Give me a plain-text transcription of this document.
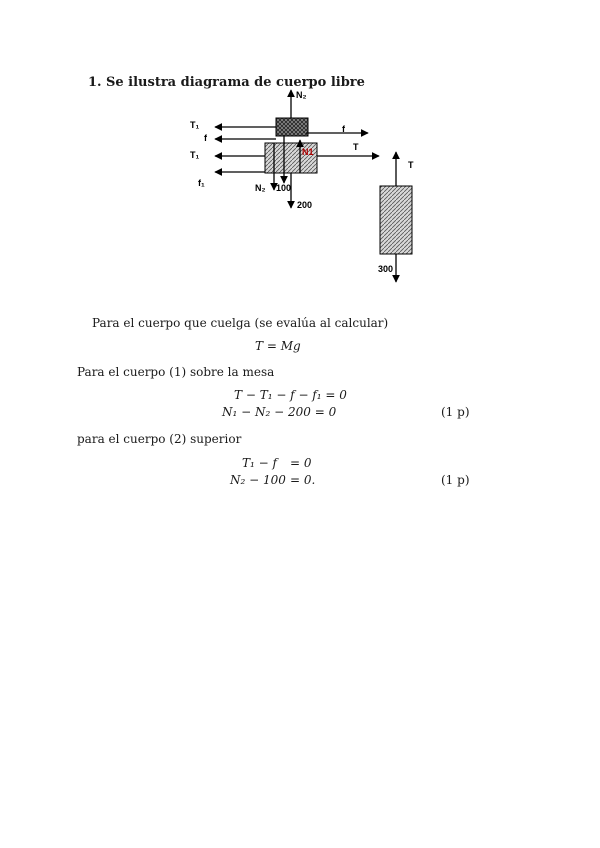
1. Se ilustra diagrama de cuerpo libre
N₂
T₁
f
f
T₁
T
f₁	N₂
N1
100
200
T
300
Para el cuerpo que cuelga (se evalúa al calcular)
T = Mg
Para el cuerpo (1) sobre la mesa
T − T₁ − f − f₁ = 0
N₁ − N₂ − 200 = 0	(1 p)
para el cuerpo (2) superior
T₁ − f = 0
N₂ − 100 = 0.	(1 p)
